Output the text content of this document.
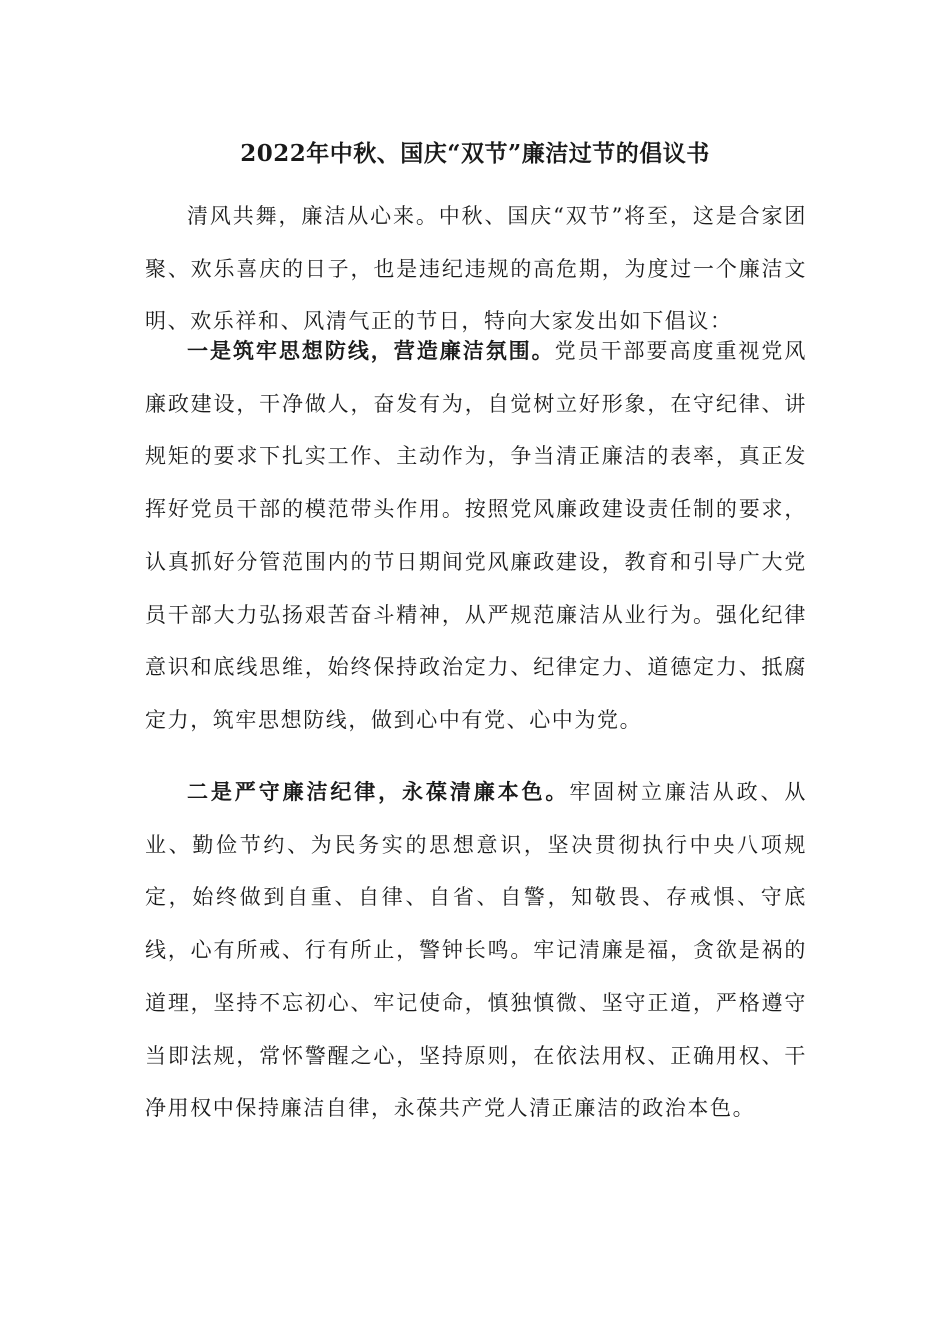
2022年中秋、国庆“双节”廉洁过节的倡议书

清风共舞，廉洁从心来。中秋、国庆“双节”将至，这是合家团聚、欢乐喜庆的日子，也是违纪违规的高危期，为度过一个廉洁文明、欢乐祥和、风清气正的节日，特向大家发出如下倡议：

一是筑牢思想防线，营造廉洁氛围。党员干部要高度重视党风廉政建设，干净做人，奋发有为，自觉树立好形象，在守纪律、讲规矩的要求下扎实工作、主动作为，争当清正廉洁的表率，真正发挥好党员干部的模范带头作用。按照党风廉政建设责任制的要求，认真抓好分管范围内的节日期间党风廉政建设，教育和引导广大党员干部大力弘扬艰苦奋斗精神，从严规范廉洁从业行为。强化纪律意识和底线思维，始终保持政治定力、纪律定力、道德定力、抵腐定力，筑牢思想防线，做到心中有党、心中为党。

二是严守廉洁纪律，永葆清廉本色。牢固树立廉洁从政、从业、勤俭节约、为民务实的思想意识，坚决贯彻执行中央八项规定，始终做到自重、自律、自省、自警，知敬畏、存戒惧、守底线，心有所戒、行有所止，警钟长鸣。牢记清廉是福，贪欲是祸的道理，坚持不忘初心、牢记使命，慎独慎微、坚守正道，严格遵守当即法规，常怀警醒之心，坚持原则，在依法用权、正确用权、干净用权中保持廉洁自律，永葆共产党人清正廉洁的政治本色。
